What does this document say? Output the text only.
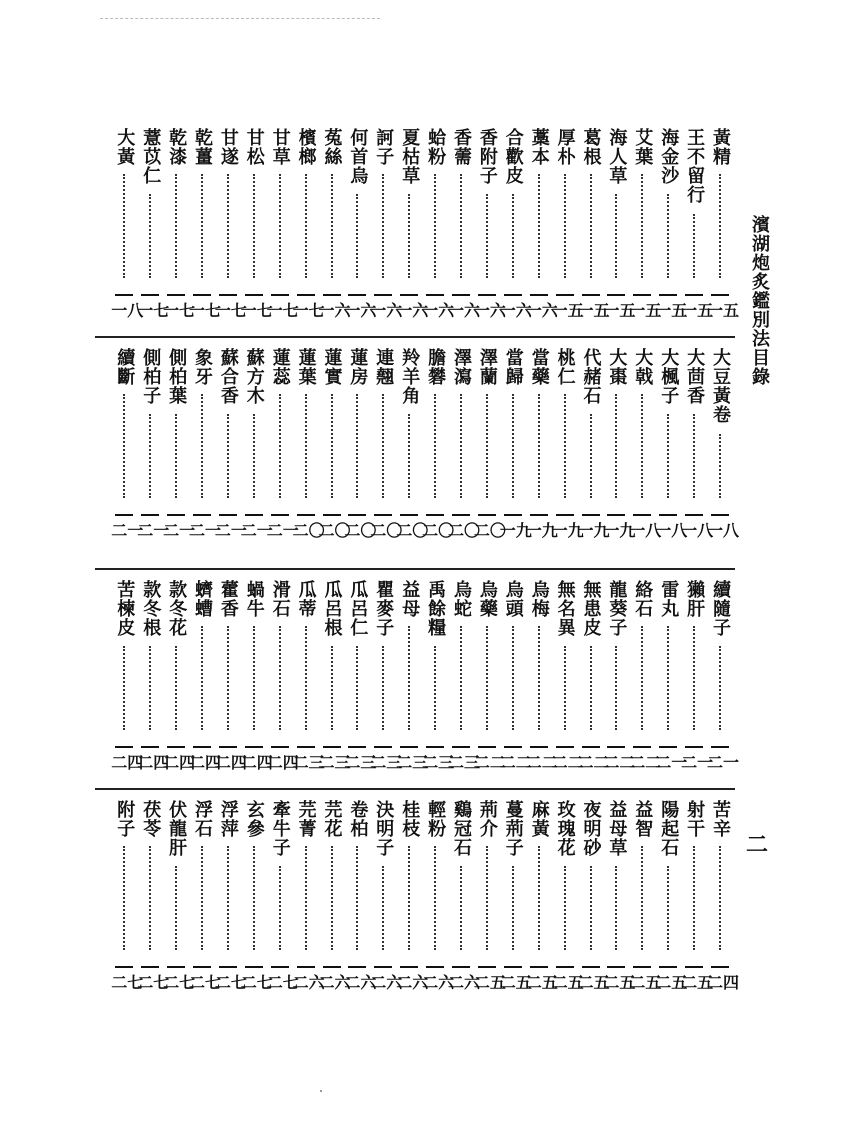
黃精
一五
王不留行
一五
海金沙
一五
艾葉
一五
海人草
一五
葛根
一五
厚朴
一五
藁本
一六
合歡皮
一六
香附子
一六
香薷
一六
蛤粉
一六
夏枯草
一六
訶子
一六
何首烏
一六
菟絲
一六
檳榔
一七
甘草
一七
甘松
一七
甘遂
一七
乾薑
一七
乾漆
一七
薏苡仁
一七
大黃
一八
大豆黃卷
一八
大茴香
一八
大楓子
一八
大戟
一八
大棗
一九
代赭石
一九
桃仁
一九
當藥
一九
當歸
一九
澤蘭
二〇
澤瀉
二〇
膽礬
二〇
羚羊角
二〇
連翹
二〇
蓮房
二〇
蓮實
二〇
蓮葉
二〇
蓮蕊
二一
蘇方木
二一
蘇合香
二一
象牙
二一
側柏葉
二一
側柏子
二一
續斷
二一
續隨子
二一
獺肝
二一
雷丸
二一
絡石
二二
龍葵子
二二
無患皮
二二
無名異
二二
烏梅
二二
烏頭
二二
烏藥
二二
烏蛇
二三
禹餘糧
二三
益母
二三
瞿麥子
二三
瓜呂仁
二三
瓜呂根
二三
瓜蒂
二三
滑石
二四
蝸牛
二四
藿香
二四
蠐螬
二四
款冬花
二四
款冬根
二四
苦楝皮
二四
苦辛
二四
射干
二五
陽起石
二五
益智
二五
益母草
二五
夜明砂
二五
玫瑰花
二五
麻黃
二五
蔓荊子
二五
荊介
二五
鷄冠石
二六
輕粉
二六
桂枝
二六
決明子
二六
卷柏
二六
芫花
二六
芫菁
二六
牽牛子
二七
玄參
二七
浮萍
二七
浮石
二七
伏龍肝
二七
茯苓
二七
附子
二七
濱湖炮炙鑑別法目錄
二
